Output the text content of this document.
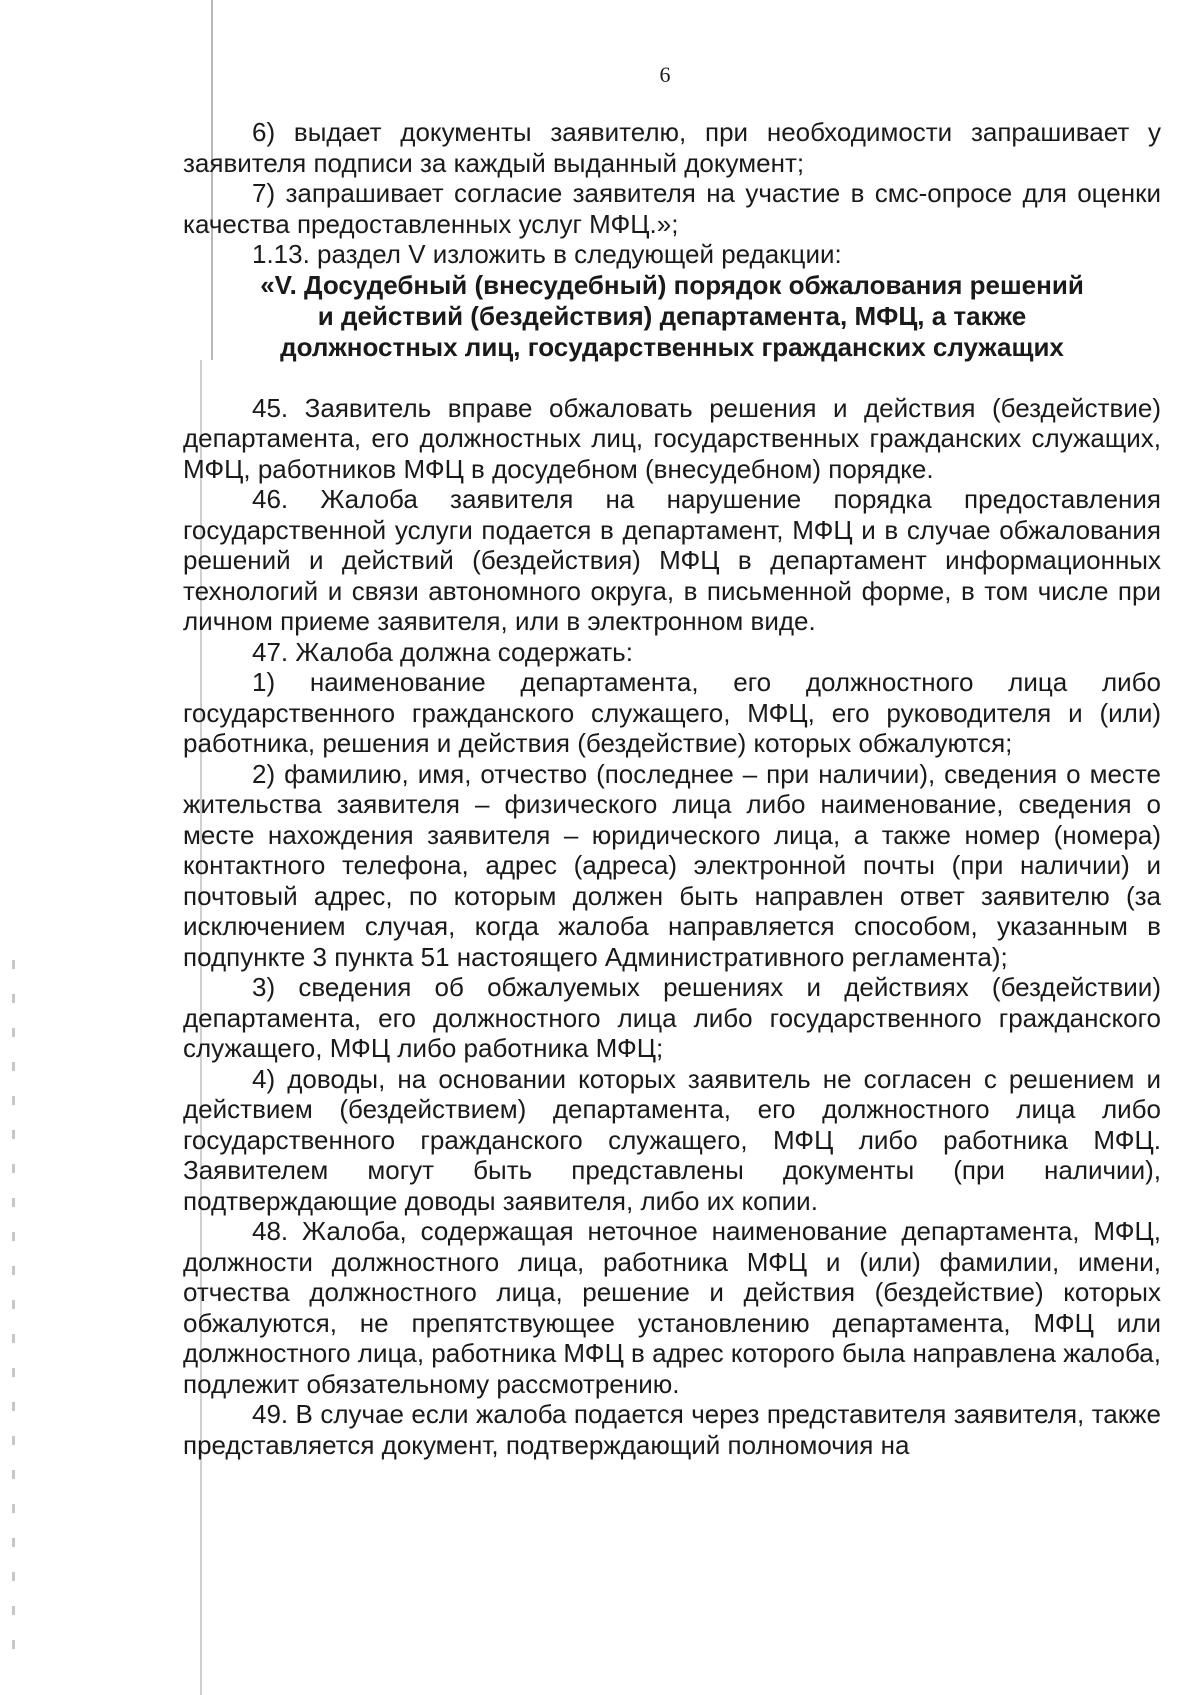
6

6) выдает документы заявителю, при необходимости запрашивает у заявителя подписи за каждый выданный документ;

7) запрашивает согласие заявителя на участие в смс-опросе для оценки качества предоставленных услуг МФЦ.»;

1.13. раздел V изложить в следующей редакции:

«V. Досудебный (внесудебный) порядок обжалования решений
и действий (бездействия) департамента, МФЦ, а также
должностных лиц, государственных гражданских служащих

45. Заявитель вправе обжаловать решения и действия (бездействие) департамента, его должностных лиц, государственных гражданских служащих, МФЦ, работников МФЦ в досудебном (внесудебном) порядке.

46. Жалоба заявителя на нарушение порядка предоставления государственной услуги подается в департамент, МФЦ и в случае обжалования решений и действий (бездействия) МФЦ в департамент информационных технологий и связи автономного округа, в письменной форме, в том числе при личном приеме заявителя, или в электронном виде.

47. Жалоба должна содержать:

1) наименование департамента, его должностного лица либо государственного гражданского служащего, МФЦ, его руководителя и (или) работника, решения и действия (бездействие) которых обжалуются;

2) фамилию, имя, отчество (последнее – при наличии), сведения о месте жительства заявителя – физического лица либо наименование, сведения о месте нахождения заявителя – юридического лица, а также номер (номера) контактного телефона, адрес (адреса) электронной почты (при наличии) и почтовый адрес, по которым должен быть направлен ответ заявителю (за исключением случая, когда жалоба направляется способом, указанным в подпункте 3 пункта 51 настоящего Административного регламента);

3) сведения об обжалуемых решениях и действиях (бездействии) департамента, его должностного лица либо государственного гражданского служащего, МФЦ либо работника МФЦ;

4) доводы, на основании которых заявитель не согласен с решением и действием (бездействием) департамента, его должностного лица либо государственного гражданского служащего, МФЦ либо работника МФЦ. Заявителем могут быть представлены документы (при наличии), подтверждающие доводы заявителя, либо их копии.

48. Жалоба, содержащая неточное наименование департамента, МФЦ, должности должностного лица, работника МФЦ и (или) фамилии, имени, отчества должностного лица, решение и действия (бездействие) которых обжалуются, не препятствующее установлению департамента, МФЦ или должностного лица, работника МФЦ в адрес которого была направлена жалоба, подлежит обязательному рассмотрению.

49. В случае если жалоба подается через представителя заявителя, также представляется документ, подтверждающий полномочия на
